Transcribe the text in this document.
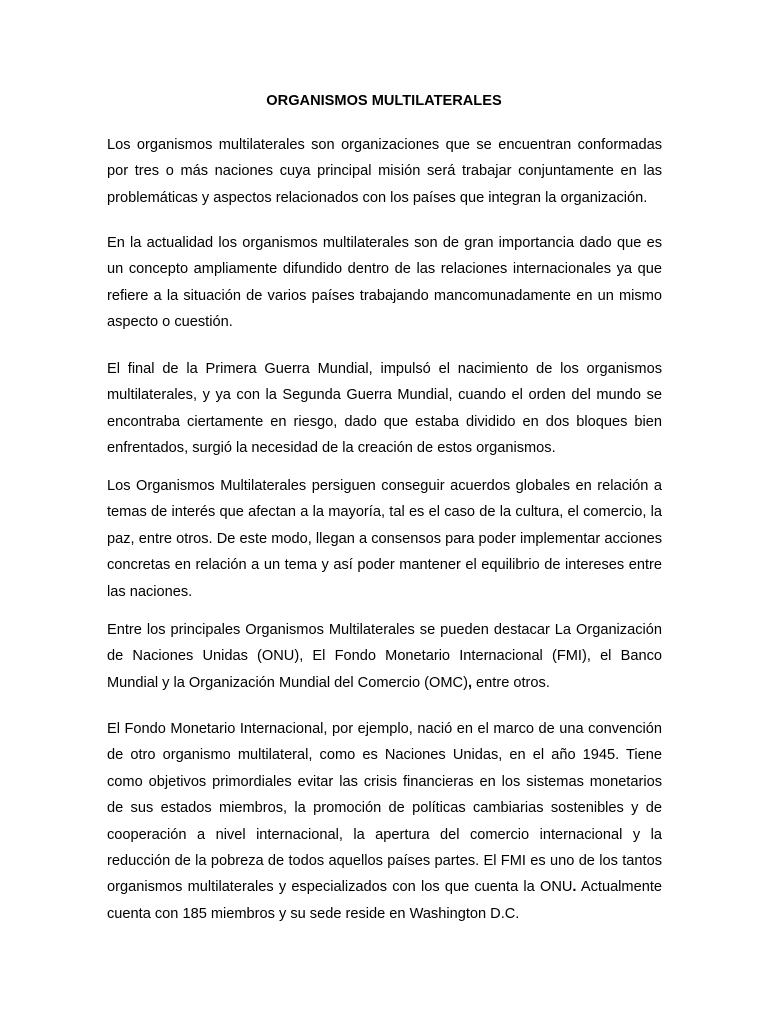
ORGANISMOS MULTILATERALES

Los organismos multilaterales son organizaciones que se encuentran conformadas por tres o más naciones cuya principal misión será trabajar conjuntamente en las problemáticas y aspectos relacionados con los países que integran la organización.

En la actualidad los organismos multilaterales son de gran importancia dado que es un concepto ampliamente difundido dentro de las relaciones internacionales ya que refiere a la situación de varios países trabajando mancomunadamente en un mismo aspecto o cuestión.

El final de la Primera Guerra Mundial, impulsó el nacimiento de los organismos multilaterales, y ya con la Segunda Guerra Mundial, cuando el orden del mundo se encontraba ciertamente en riesgo, dado que estaba dividido en dos bloques bien enfrentados, surgió la necesidad de la creación de estos organismos.

Los Organismos Multilaterales persiguen conseguir acuerdos globales en relación a temas de interés que afectan a la mayoría, tal es el caso de la cultura, el comercio, la paz, entre otros. De este modo, llegan a consensos para poder implementar acciones concretas en relación a un tema y así poder mantener el equilibrio de intereses entre las naciones.

Entre los principales Organismos Multilaterales se pueden destacar La Organización de Naciones Unidas (ONU), El Fondo Monetario Internacional (FMI), el Banco Mundial y la Organización Mundial del Comercio (OMC), entre otros.

El Fondo Monetario Internacional, por ejemplo, nació en el marco de una convención de otro organismo multilateral, como es Naciones Unidas, en el año 1945. Tiene como objetivos primordiales evitar las crisis financieras en los sistemas monetarios de sus estados miembros, la promoción de políticas cambiarias sostenibles y de cooperación a nivel internacional, la apertura del comercio internacional y la reducción de la pobreza de todos aquellos países partes. El FMI es uno de los tantos organismos multilaterales y especializados con los que cuenta la ONU. Actualmente cuenta con 185 miembros y su sede reside en Washington D.C.
